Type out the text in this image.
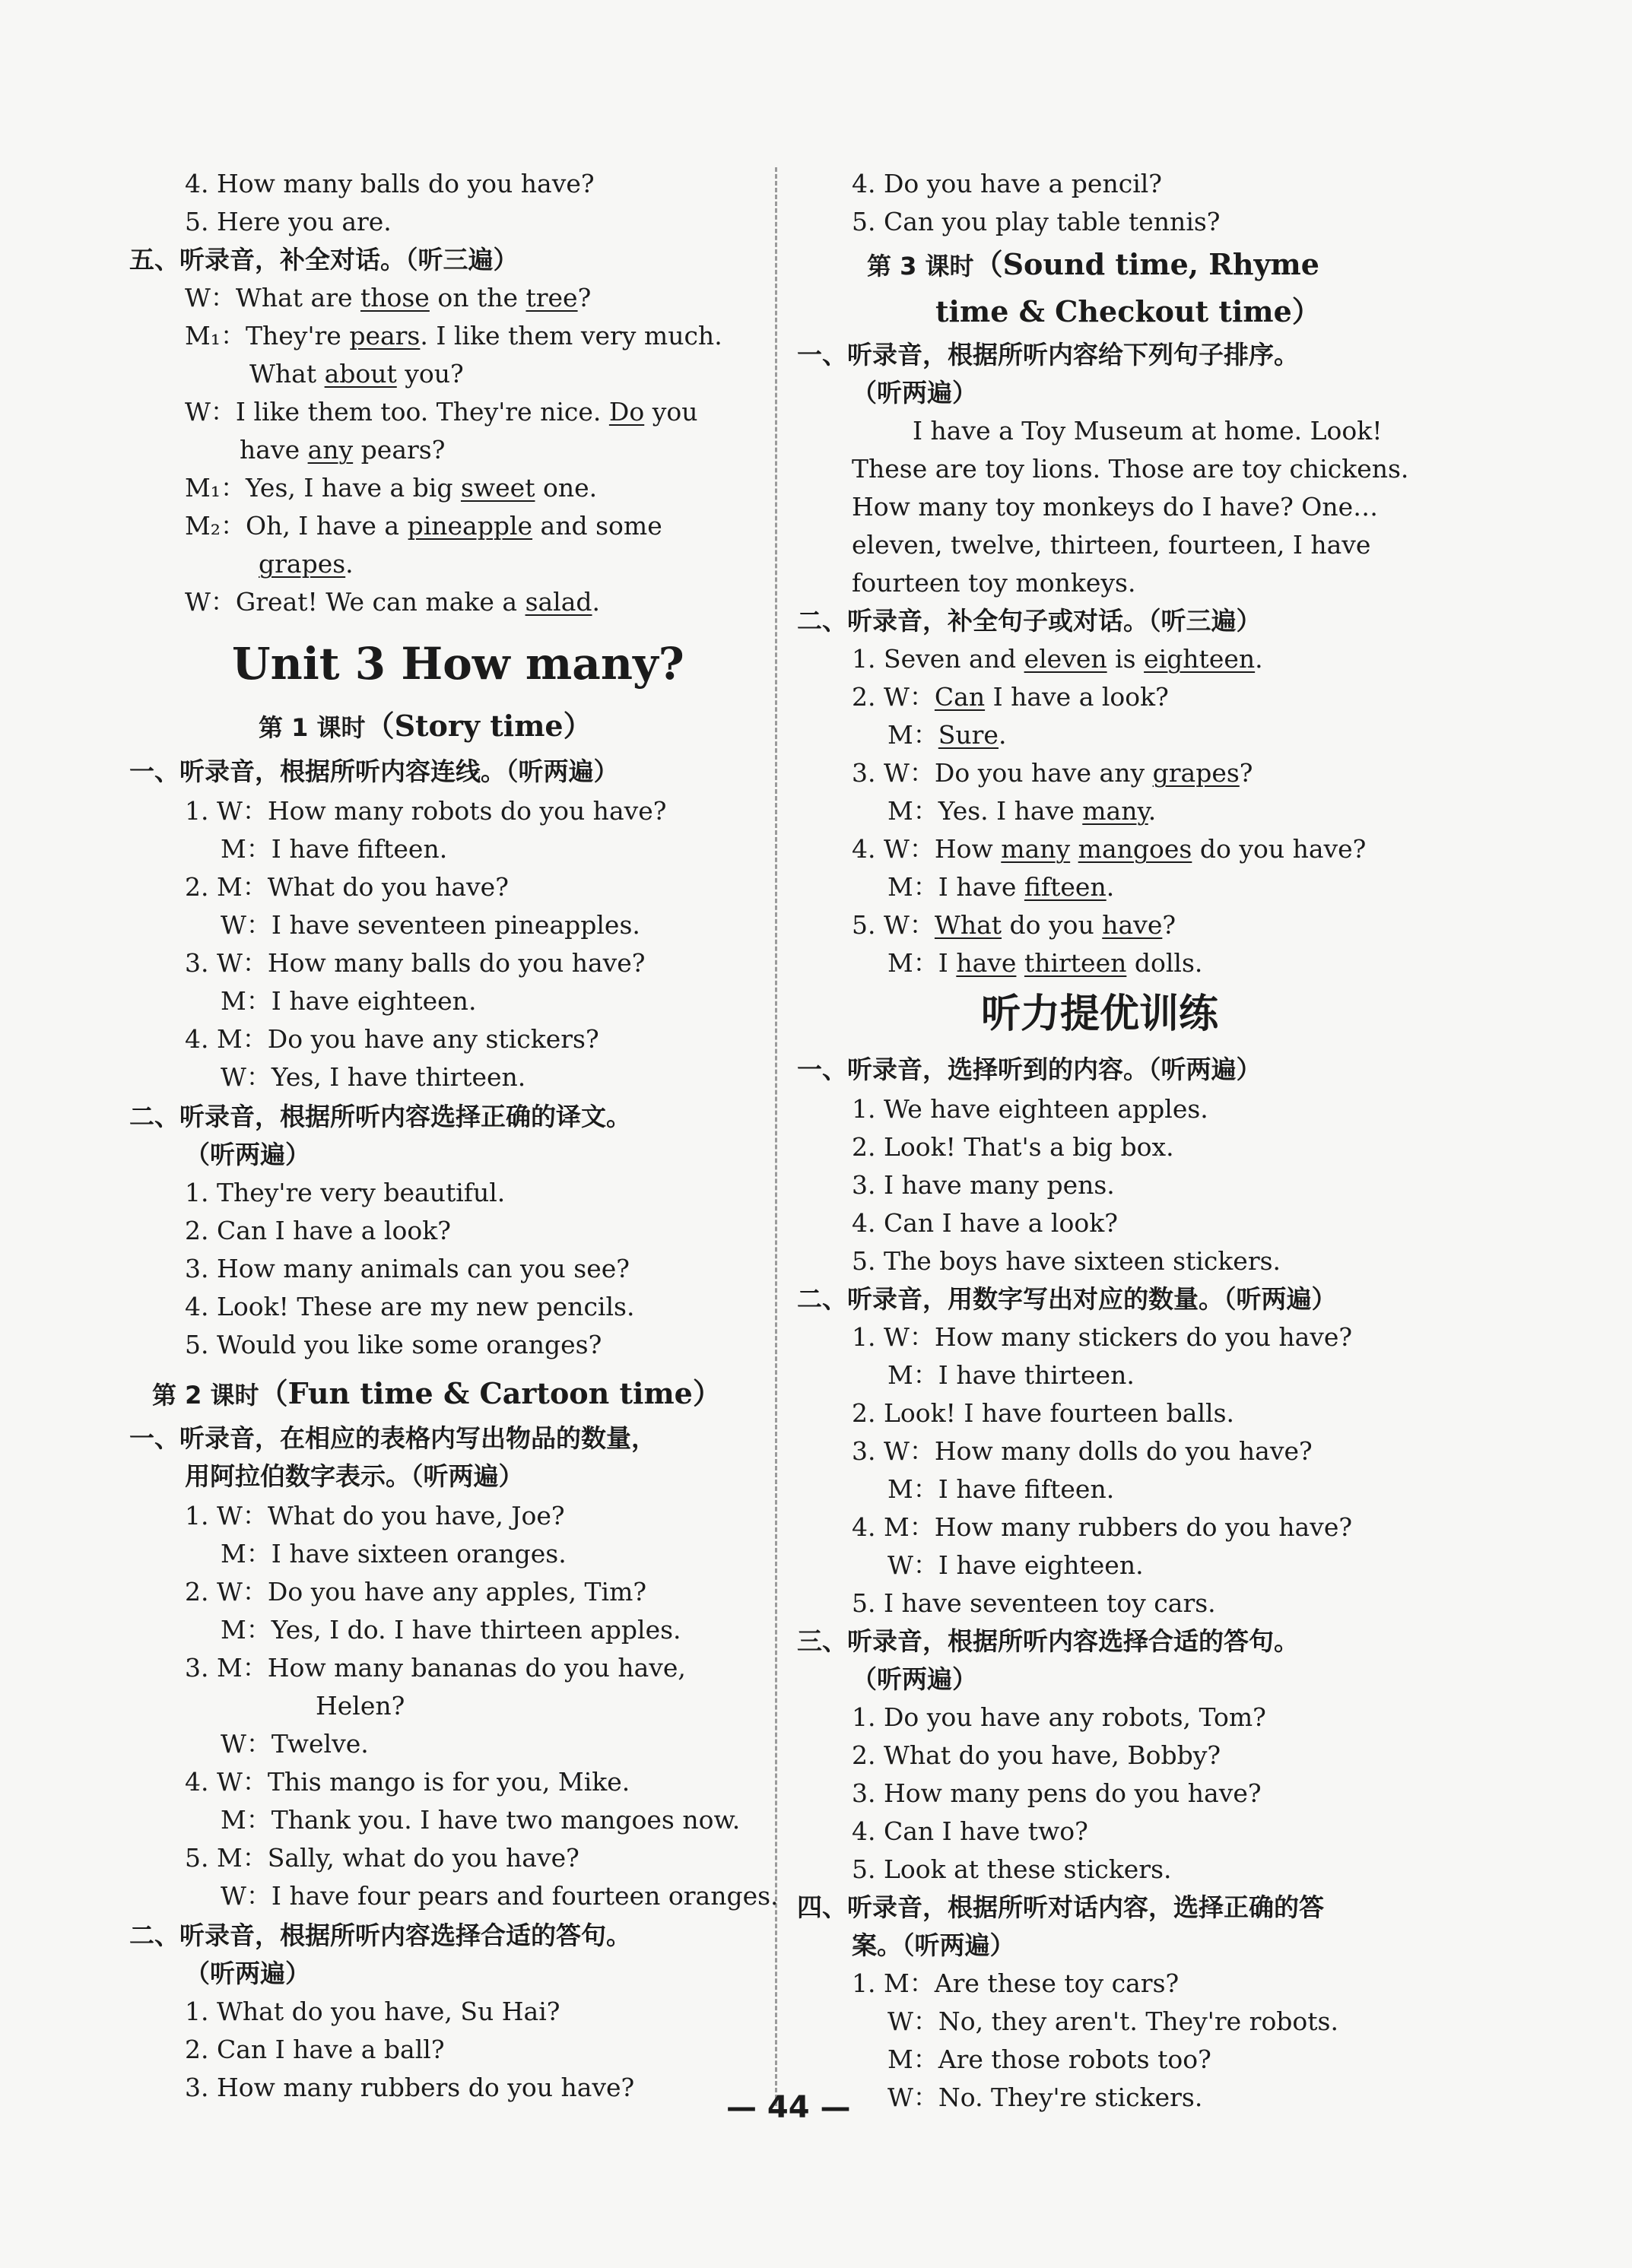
4. How many balls do you have?
5. Here you are.
五、听录音，补全对话。（听三遍）
W：What are those on the tree?
M₁：They're pears. I like them very much.
What about you?
W：I like them too. They're nice. Do you
have any pears?
M₁：Yes, I have a big sweet one.
M₂：Oh, I have a pineapple and some
grapes.
W：Great! We can make a salad.
Unit 3 How many?
第 1 课时（Story time）
一、听录音，根据所听内容连线。（听两遍）
1. W：How many robots do you have?
M：I have fifteen.
2. M：What do you have?
W：I have seventeen pineapples.
3. W：How many balls do you have?
M：I have eighteen.
4. M：Do you have any stickers?
W：Yes, I have thirteen.
二、听录音，根据所听内容选择正确的译文。
（听两遍）
1. They're very beautiful.
2. Can I have a look?
3. How many animals can you see?
4. Look! These are my new pencils.
5. Would you like some oranges?
第 2 课时（Fun time & Cartoon time）
一、听录音，在相应的表格内写出物品的数量，
用阿拉伯数字表示。（听两遍）
1. W：What do you have, Joe?
M：I have sixteen oranges.
2. W：Do you have any apples, Tim?
M：Yes, I do. I have thirteen apples.
3. M：How many bananas do you have,
Helen?
W：Twelve.
4. W：This mango is for you, Mike.
M：Thank you. I have two mangoes now.
5. M：Sally, what do you have?
W：I have four pears and fourteen oranges.
二、听录音，根据所听内容选择合适的答句。
（听两遍）
1. What do you have, Su Hai?
2. Can I have a ball?
3. How many rubbers do you have?
4. Do you have a pencil?
5. Can you play table tennis?
第 3 课时（Sound time, Rhyme
time & Checkout time）
一、听录音，根据所听内容给下列句子排序。
（听两遍）
I have a Toy Museum at home. Look!
These are toy lions. Those are toy chickens.
How many toy monkeys do I have? One…
eleven, twelve, thirteen, fourteen, I have
fourteen toy monkeys.
二、听录音，补全句子或对话。（听三遍）
1. Seven and eleven is eighteen.
2. W：Can I have a look?
M：Sure.
3. W：Do you have any grapes?
M：Yes. I have many.
4. W：How many mangoes do you have?
M：I have fifteen.
5. W：What do you have?
M：I have thirteen dolls.
听力提优训练
一、听录音，选择听到的内容。（听两遍）
1. We have eighteen apples.
2. Look! That's a big box.
3. I have many pens.
4. Can I have a look?
5. The boys have sixteen stickers.
二、听录音，用数字写出对应的数量。（听两遍）
1. W：How many stickers do you have?
M：I have thirteen.
2. Look! I have fourteen balls.
3. W：How many dolls do you have?
M：I have fifteen.
4. M：How many rubbers do you have?
W：I have eighteen.
5. I have seventeen toy cars.
三、听录音，根据所听内容选择合适的答句。
（听两遍）
1. Do you have any robots, Tom?
2. What do you have, Bobby?
3. How many pens do you have?
4. Can I have two?
5. Look at these stickers.
四、听录音，根据所听对话内容，选择正确的答
案。（听两遍）
1. M：Are these toy cars?
W：No, they aren't. They're robots.
M：Are those robots too?
W：No. They're stickers.
— 44 —
